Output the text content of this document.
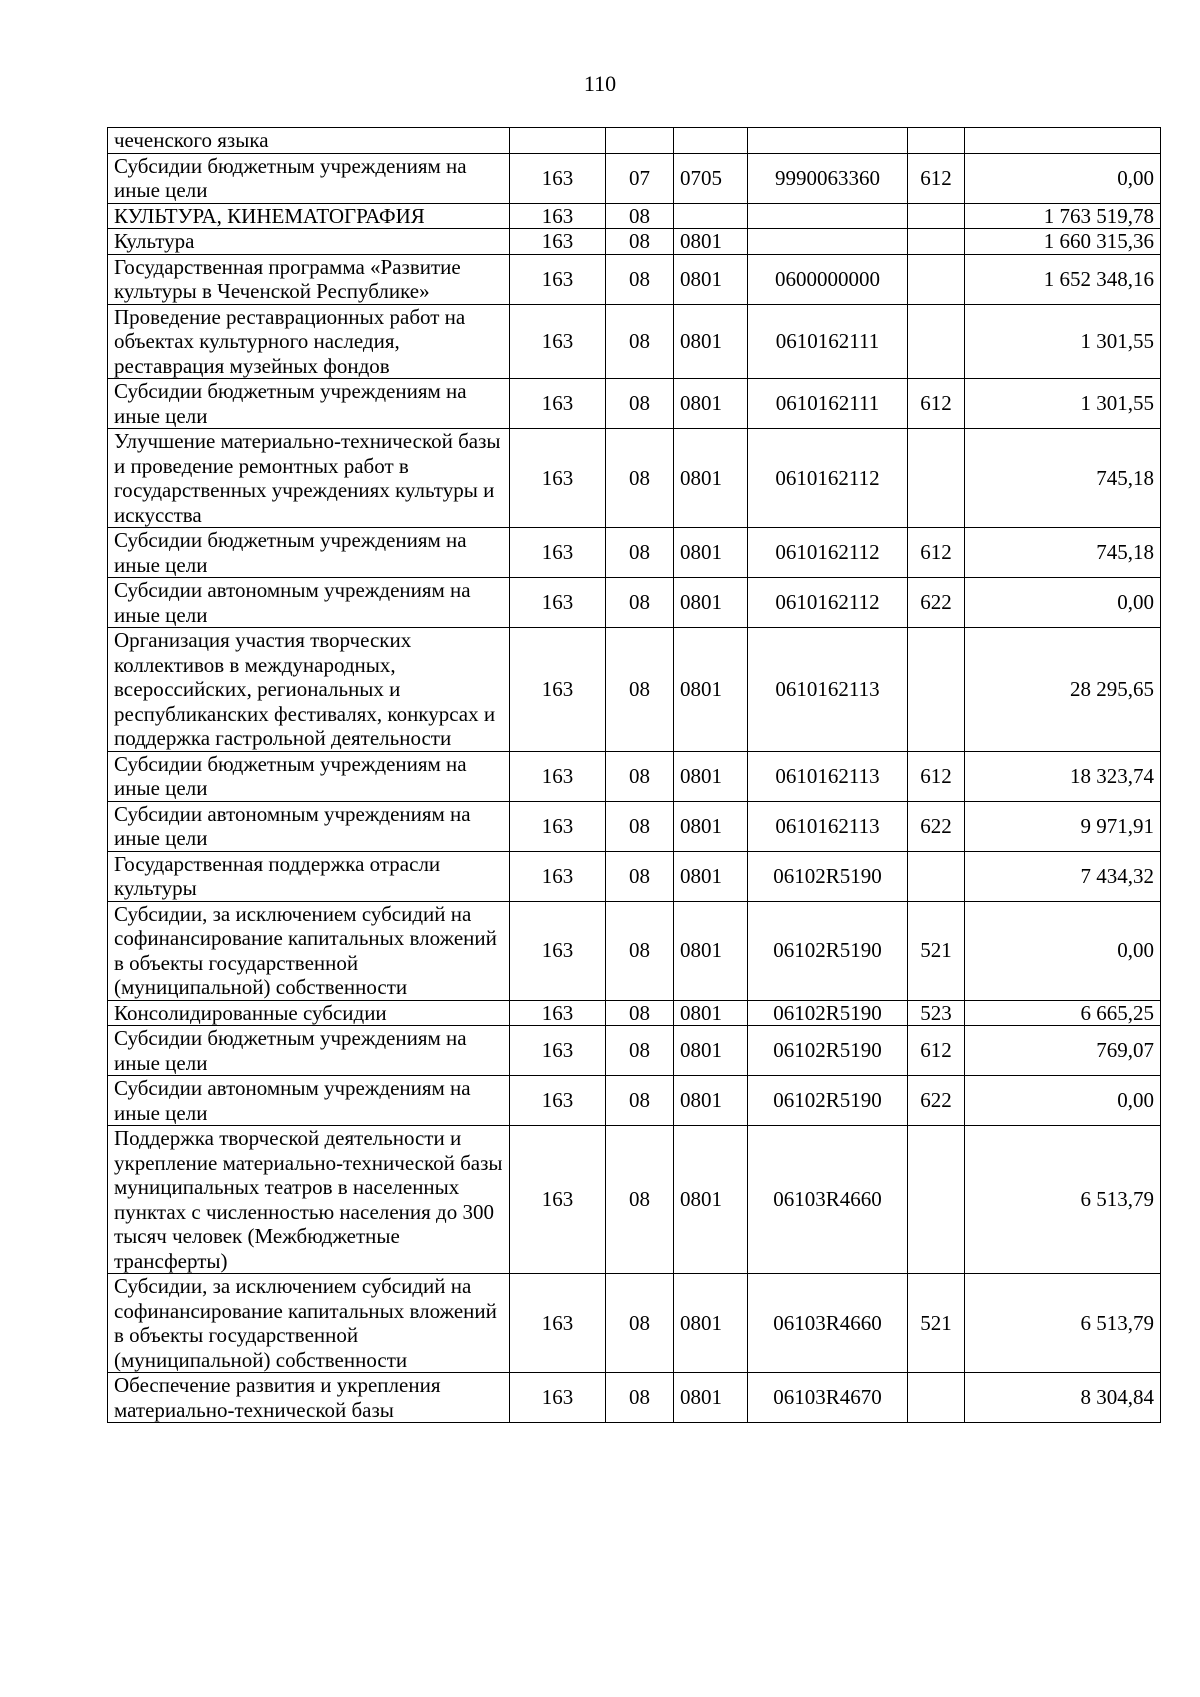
110
чеченского языка						
Субсидии бюджетным учреждениям на иные цели	163	07	0705	9990063360	612	0,00
КУЛЬТУРА, КИНЕМАТОГРАФИЯ	163	08				1 763 519,78
Культура	163	08	0801			1 660 315,36
Государственная программа «Развитие культуры в Чеченской Республике»	163	08	0801	0600000000		1 652 348,16
Проведение реставрационных работ на объектах культурного наследия, реставрация музейных фондов	163	08	0801	0610162111		1 301,55
Субсидии бюджетным учреждениям на иные цели	163	08	0801	0610162111	612	1 301,55
Улучшение материально-технической базы и проведение ремонтных работ в государственных учреждениях культуры и искусства	163	08	0801	0610162112		745,18
Субсидии бюджетным учреждениям на иные цели	163	08	0801	0610162112	612	745,18
Субсидии автономным учреждениям на иные цели	163	08	0801	0610162112	622	0,00
Организация участия творческих коллективов в международных, всероссийских, региональных и республиканских фестивалях, конкурсах и поддержка гастрольной деятельности	163	08	0801	0610162113		28 295,65
Субсидии бюджетным учреждениям на иные цели	163	08	0801	0610162113	612	18 323,74
Субсидии автономным учреждениям на иные цели	163	08	0801	0610162113	622	9 971,91
Государственная поддержка отрасли культуры	163	08	0801	06102R5190		7 434,32
Субсидии, за исключением субсидий на софинансирование капитальных вложений в объекты государственной (муниципальной) собственности	163	08	0801	06102R5190	521	0,00
Консолидированные субсидии	163	08	0801	06102R5190	523	6 665,25
Субсидии бюджетным учреждениям на иные цели	163	08	0801	06102R5190	612	769,07
Субсидии автономным учреждениям на иные цели	163	08	0801	06102R5190	622	0,00
Поддержка творческой деятельности и укрепление материально-технической базы муниципальных театров в населенных пунктах с численностью населения до 300 тысяч человек (Межбюджетные трансферты)	163	08	0801	06103R4660		6 513,79
Субсидии, за исключением субсидий на софинансирование капитальных вложений в объекты государственной (муниципальной) собственности	163	08	0801	06103R4660	521	6 513,79
Обеспечение развития и укрепления материально-технической базы	163	08	0801	06103R4670		8 304,84
